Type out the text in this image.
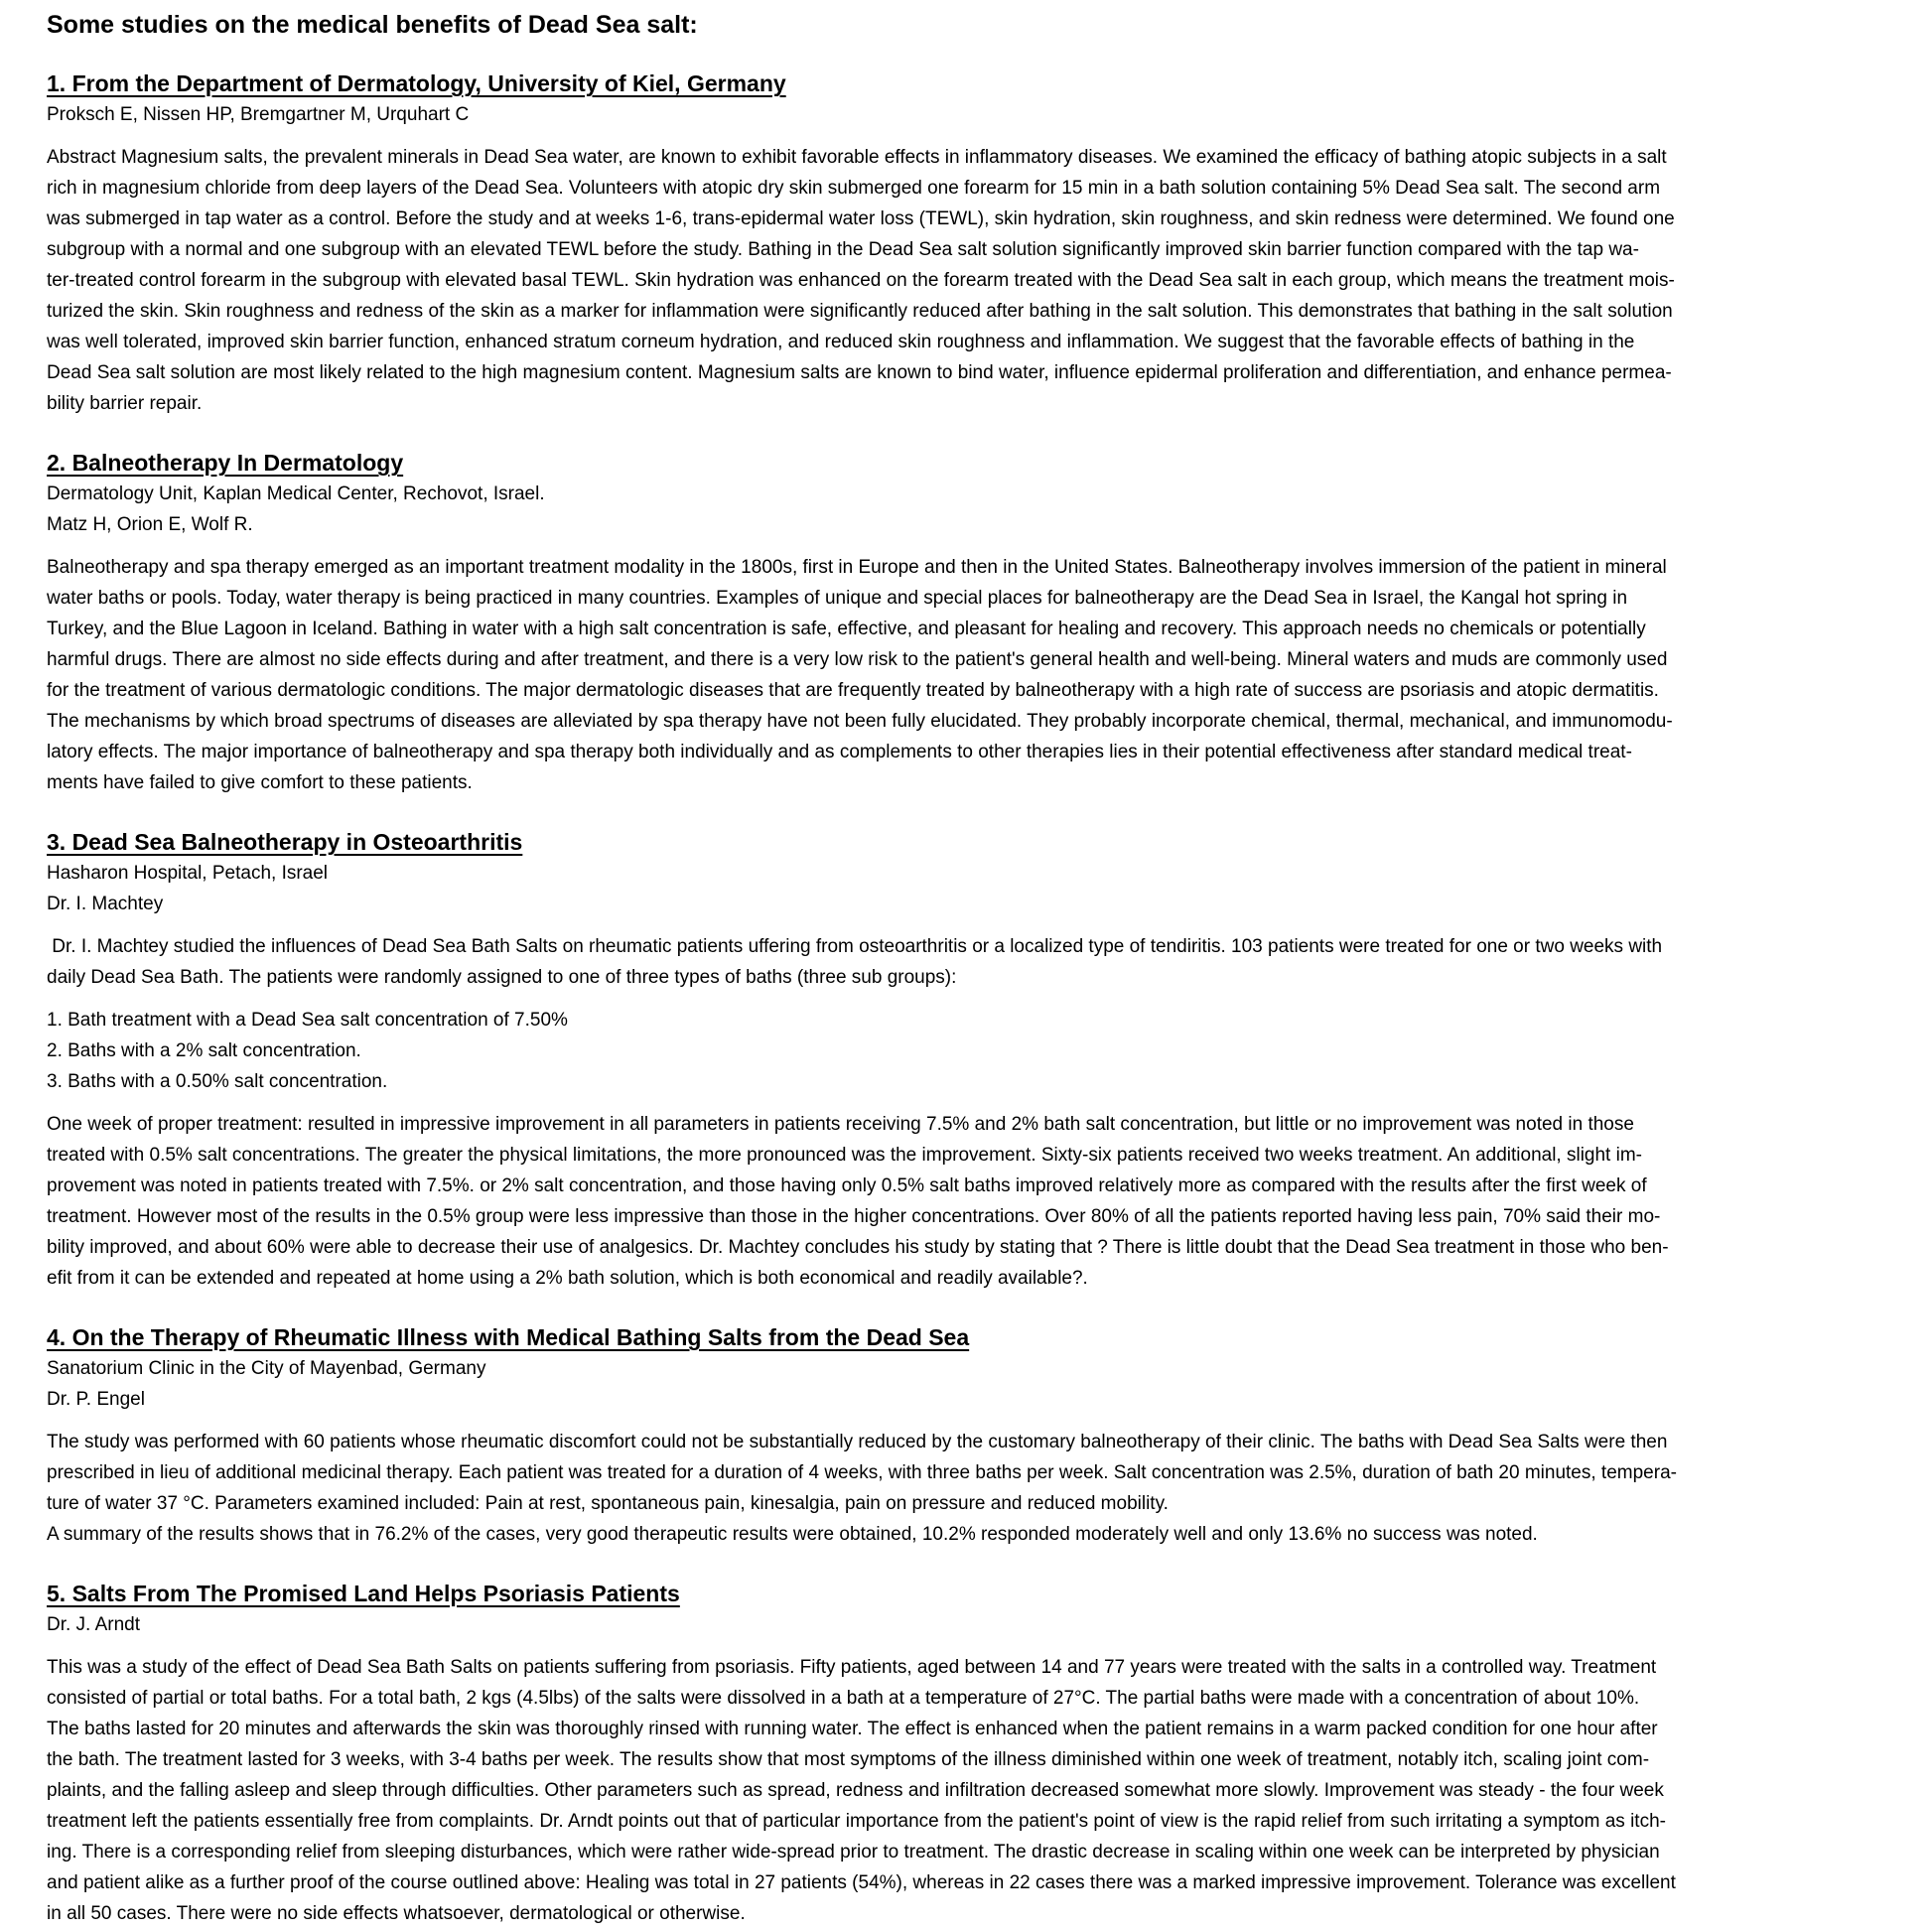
Some studies on the medical benefits of Dead Sea salt:
1. From the Department of Dermatology, University of Kiel, Germany
Proksch E, Nissen HP, Bremgartner M, Urquhart C
Abstract Magnesium salts, the prevalent minerals in Dead Sea water, are known to exhibit favorable effects in inflammatory diseases. We examined the efficacy of bathing atopic subjects in a salt
rich in magnesium chloride from deep layers of the Dead Sea. Volunteers with atopic dry skin submerged one forearm for 15 min in a bath solution containing 5% Dead Sea salt. The second arm
was submerged in tap water as a control. Before the study and at weeks 1-6, trans-epidermal water loss (TEWL), skin hydration, skin roughness, and skin redness were determined. We found one
subgroup with a normal and one subgroup with an elevated TEWL before the study. Bathing in the Dead Sea salt solution significantly improved skin barrier function compared with the tap wa-
ter-treated control forearm in the subgroup with elevated basal TEWL. Skin hydration was enhanced on the forearm treated with the Dead Sea salt in each group, which means the treatment mois-
turized the skin. Skin roughness and redness of the skin as a marker for inflammation were significantly reduced after bathing in the salt solution. This demonstrates that bathing in the salt solution
was well tolerated, improved skin barrier function, enhanced stratum corneum hydration, and reduced skin roughness and inflammation. We suggest that the favorable effects of bathing in the
Dead Sea salt solution are most likely related to the high magnesium content. Magnesium salts are known to bind water, influence epidermal proliferation and differentiation, and enhance permea-
bility barrier repair.
2. Balneotherapy In Dermatology
Dermatology Unit, Kaplan Medical Center, Rechovot, Israel.
Matz H, Orion E, Wolf R.
Balneotherapy and spa therapy emerged as an important treatment modality in the 1800s, first in Europe and then in the United States. Balneotherapy involves immersion of the patient in mineral
water baths or pools. Today, water therapy is being practiced in many countries. Examples of unique and special places for balneotherapy are the Dead Sea in Israel, the Kangal hot spring in
Turkey, and the Blue Lagoon in Iceland. Bathing in water with a high salt concentration is safe, effective, and pleasant for healing and recovery. This approach needs no chemicals or potentially
harmful drugs. There are almost no side effects during and after treatment, and there is a very low risk to the patient's general health and well-being. Mineral waters and muds are commonly used
for the treatment of various dermatologic conditions. The major dermatologic diseases that are frequently treated by balneotherapy with a high rate of success are psoriasis and atopic dermatitis.
The mechanisms by which broad spectrums of diseases are alleviated by spa therapy have not been fully elucidated. They probably incorporate chemical, thermal, mechanical, and immunomodu-
latory effects. The major importance of balneotherapy and spa therapy both individually and as complements to other therapies lies in their potential effectiveness after standard medical treat-
ments have failed to give comfort to these patients.
3. Dead Sea Balneotherapy in Osteoarthritis
Hasharon Hospital, Petach, Israel
Dr. I. Machtey
Dr. I. Machtey studied the influences of Dead Sea Bath Salts on rheumatic patients uffering from osteoarthritis or a localized type of tendiritis. 103 patients were treated for one or two weeks with
daily Dead Sea Bath. The patients were randomly assigned to one of three types of baths (three sub groups):
1. Bath treatment with a Dead Sea salt concentration of 7.50%
2. Baths with a 2% salt concentration.
3. Baths with a 0.50% salt concentration.
One week of proper treatment: resulted in impressive improvement in all parameters in patients receiving 7.5% and 2% bath salt concentration, but little or no improvement was noted in those
treated with 0.5% salt concentrations. The greater the physical limitations, the more pronounced was the improvement. Sixty-six patients received two weeks treatment. An additional, slight im-
provement was noted in patients treated with 7.5%. or 2% salt concentration, and those having only 0.5% salt baths improved relatively more as compared with the results after the first week of
treatment. However most of the results in the 0.5% group were less impressive than those in the higher concentrations. Over 80% of all the patients reported having less pain, 70% said their mo-
bility improved, and about 60% were able to decrease their use of analgesics. Dr. Machtey concludes his study by stating that ? There is little doubt that the Dead Sea treatment in those who ben-
efit from it can be extended and repeated at home using a 2% bath solution, which is both economical and readily available?.
4. On the Therapy of Rheumatic Illness with Medical Bathing Salts from the Dead Sea
Sanatorium Clinic in the City of Mayenbad, Germany
Dr. P. Engel
The study was performed with 60 patients whose rheumatic discomfort could not be substantially reduced by the customary balneotherapy of their clinic. The baths with Dead Sea Salts were then
prescribed in lieu of additional medicinal therapy. Each patient was treated for a duration of 4 weeks, with three baths per week. Salt concentration was 2.5%, duration of bath 20 minutes, tempera-
ture of water 37 °C. Parameters examined included: Pain at rest, spontaneous pain, kinesalgia, pain on pressure and reduced mobility.
A summary of the results shows that in 76.2% of the cases, very good therapeutic results were obtained, 10.2% responded moderately well and only 13.6% no success was noted.
5. Salts From The Promised Land Helps Psoriasis Patients
Dr. J. Arndt
This was a study of the effect of Dead Sea Bath Salts on patients suffering from psoriasis. Fifty patients, aged between 14 and 77 years were treated with the salts in a controlled way. Treatment
consisted of partial or total baths. For a total bath, 2 kgs (4.5lbs) of the salts were dissolved in a bath at a temperature of 27°C. The partial baths were made with a concentration of about 10%.
The baths lasted for 20 minutes and afterwards the skin was thoroughly rinsed with running water. The effect is enhanced when the patient remains in a warm packed condition for one hour after
the bath. The treatment lasted for 3 weeks, with 3-4 baths per week. The results show that most symptoms of the illness diminished within one week of treatment, notably itch, scaling joint com-
plaints, and the falling asleep and sleep through difficulties. Other parameters such as spread, redness and infiltration decreased somewhat more slowly. Improvement was steady - the four week
treatment left the patients essentially free from complaints. Dr. Arndt points out that of particular importance from the patient's point of view is the rapid relief from such irritating a symptom as itch-
ing. There is a corresponding relief from sleeping disturbances, which were rather wide-spread prior to treatment. The drastic decrease in scaling within one week can be interpreted by physician
and patient alike as a further proof of the course outlined above: Healing was total in 27 patients (54%), whereas in 22 cases there was a marked impressive improvement. Tolerance was excellent
in all 50 cases. There were no side effects whatsoever, dermatological or otherwise.
